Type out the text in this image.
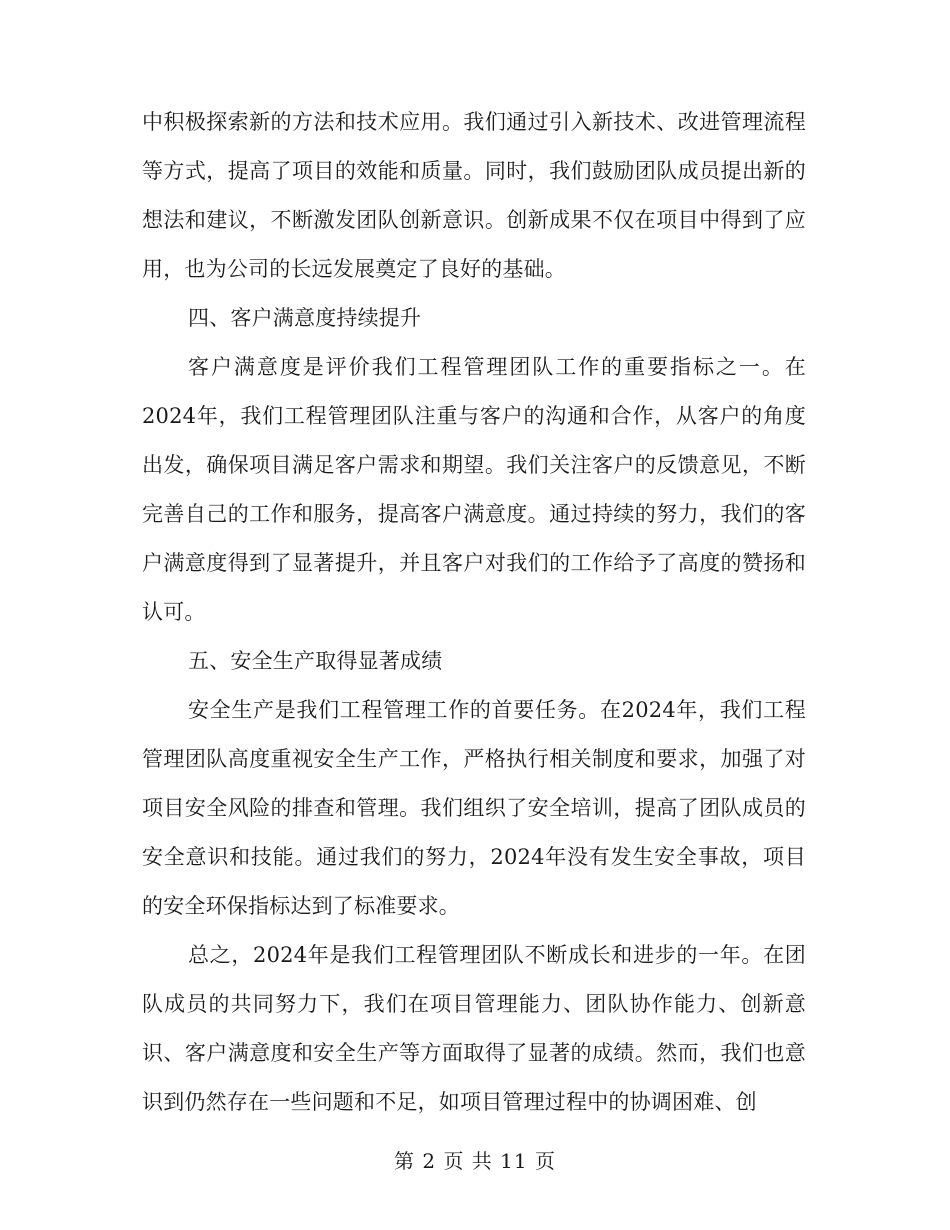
中积极探索新的方法和技术应用。我们通过引入新技术、改进管理流程等方式，提高了项目的效能和质量。同时，我们鼓励团队成员提出新的想法和建议，不断激发团队创新意识。创新成果不仅在项目中得到了应用，也为公司的长远发展奠定了良好的基础。

四、客户满意度持续提升

客户满意度是评价我们工程管理团队工作的重要指标之一。在2024年，我们工程管理团队注重与客户的沟通和合作，从客户的角度出发，确保项目满足客户需求和期望。我们关注客户的反馈意见，不断完善自己的工作和服务，提高客户满意度。通过持续的努力，我们的客户满意度得到了显著提升，并且客户对我们的工作给予了高度的赞扬和认可。

五、安全生产取得显著成绩

安全生产是我们工程管理工作的首要任务。在2024年，我们工程管理团队高度重视安全生产工作，严格执行相关制度和要求，加强了对项目安全风险的排查和管理。我们组织了安全培训，提高了团队成员的安全意识和技能。通过我们的努力，2024年没有发生安全事故，项目的安全环保指标达到了标准要求。

总之，2024年是我们工程管理团队不断成长和进步的一年。在团队成员的共同努力下，我们在项目管理能力、团队协作能力、创新意识、客户满意度和安全生产等方面取得了显著的成绩。然而，我们也意识到仍然存在一些问题和不足，如项目管理过程中的协调困难、创

第 2 页 共 11 页
